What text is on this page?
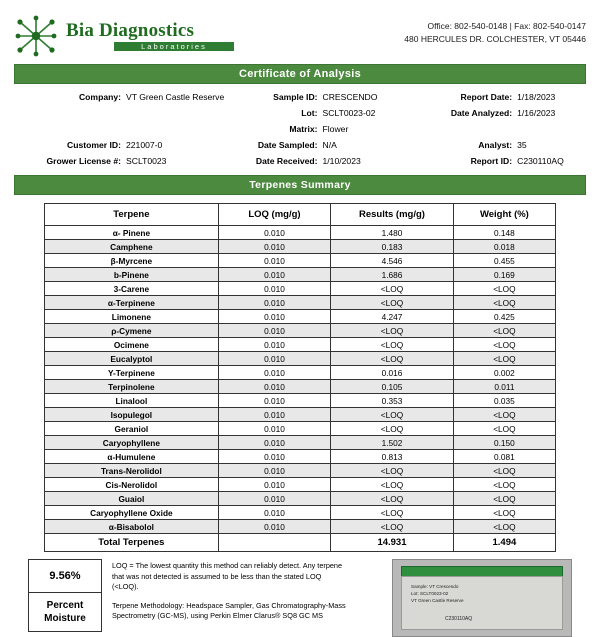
Bia Diagnostics
Laboratories
Office: 802-540-0148 | Fax: 802-540-0147
480 HERCULES DR. COLCHESTER, VT 05446
Certificate of Analysis
Company: VT Green Castle Reserve	Sample ID: CRESCENDO	Report Date: 1/18/2023
Lot: SCLT0023-02	Date Analyzed: 1/16/2023
Matrix: Flower
Customer ID: 221007-0	Date Sampled: N/A	Analyst: 35
Grower License #: SCLT0023	Date Received: 1/10/2023	Report ID: C230110AQ
Terpenes Summary
Terpene	LOQ (mg/g)	Results (mg/g)	Weight (%)
α- Pinene	0.010	1.480	0.148
Camphene	0.010	0.183	0.018
β-Myrcene	0.010	4.546	0.455
b-Pinene	0.010	1.686	0.169
3-Carene	0.010	<LOQ	<LOQ
α-Terpinene	0.010	<LOQ	<LOQ
Limonene	0.010	4.247	0.425
ρ-Cymene	0.010	<LOQ	<LOQ
Ocimene	0.010	<LOQ	<LOQ
Eucalyptol	0.010	<LOQ	<LOQ
Y-Terpinene	0.010	0.016	0.002
Terpinolene	0.010	0.105	0.011
Linalool	0.010	0.353	0.035
Isopulegol	0.010	<LOQ	<LOQ
Geraniol	0.010	<LOQ	<LOQ
Caryophyllene	0.010	1.502	0.150
α-Humulene	0.010	0.813	0.081
Trans-Nerolidol	0.010	<LOQ	<LOQ
Cis-Nerolidol	0.010	<LOQ	<LOQ
Guaiol	0.010	<LOQ	<LOQ
Caryophyllene Oxide	0.010	<LOQ	<LOQ
α-Bisabolol	0.010	<LOQ	<LOQ
Total Terpenes		14.931	1.494
9.56%
Percent
Moisture

LOQ = The lowest quantity this method can reliably detect. Any terpene that was not detected is assumed to be less than the stated LOQ (<LOQ).

Terpene Methodology: Headspace Sampler, Gas Chromatography-Mass Spectrometry (GC-MS), using Perkin Elmer Clarus® SQ8 GC MS

Sample: VT Crescendo
Lot: SCLT0023-02
VT Green Castle Reserve
C230110AQ
